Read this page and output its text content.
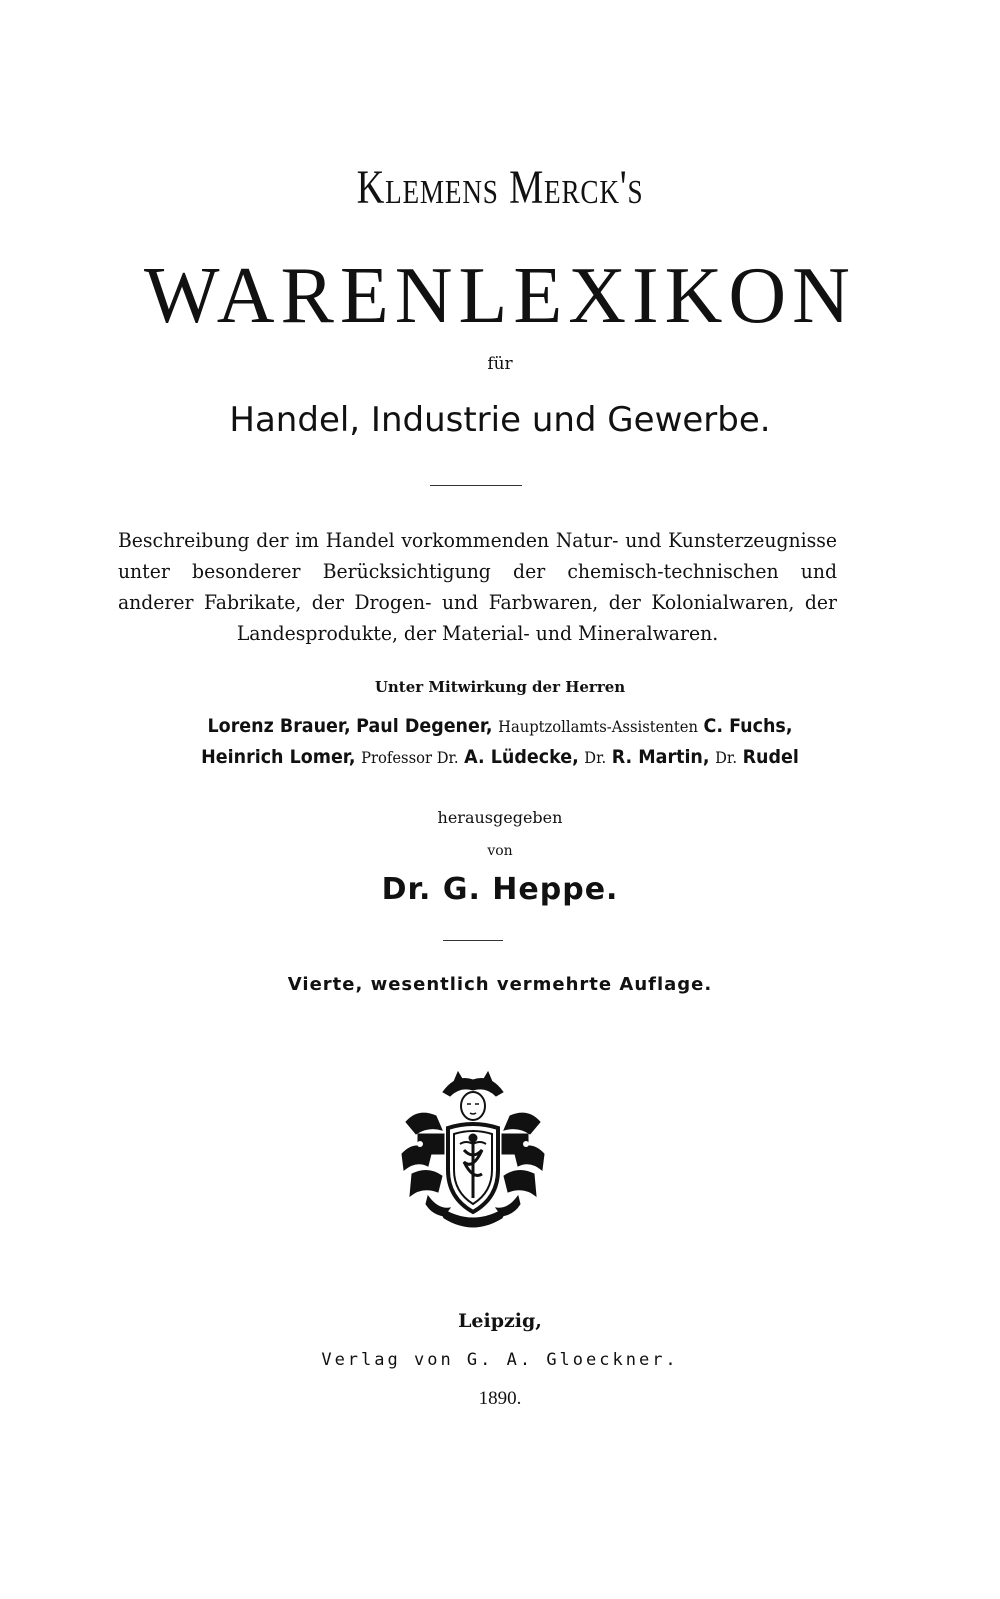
Klemens Merck's
WARENLEXIKON
für
Handel, Industrie und Gewerbe.
Beschreibung der im Handel vorkommenden Natur- und Kunsterzeugnisse unter besonderer Berücksichtigung der chemisch-technischen und anderer Fabrikate, der Drogen- und Farbwaren, der Kolonialwaren, der Landesprodukte, der Material- und Mineralwaren.
Unter Mitwirkung der Herren
Lorenz Brauer, Paul Degener, Hauptzollamts-Assistenten C. Fuchs,
Heinrich Lomer, Professor Dr. A. Lüdecke, Dr. R. Martin, Dr. Rudel
herausgegeben
von
Dr. G. Heppe.
Vierte, wesentlich vermehrte Auflage.
Leipzig,
Verlag von G. A. Gloeckner.
1890.
